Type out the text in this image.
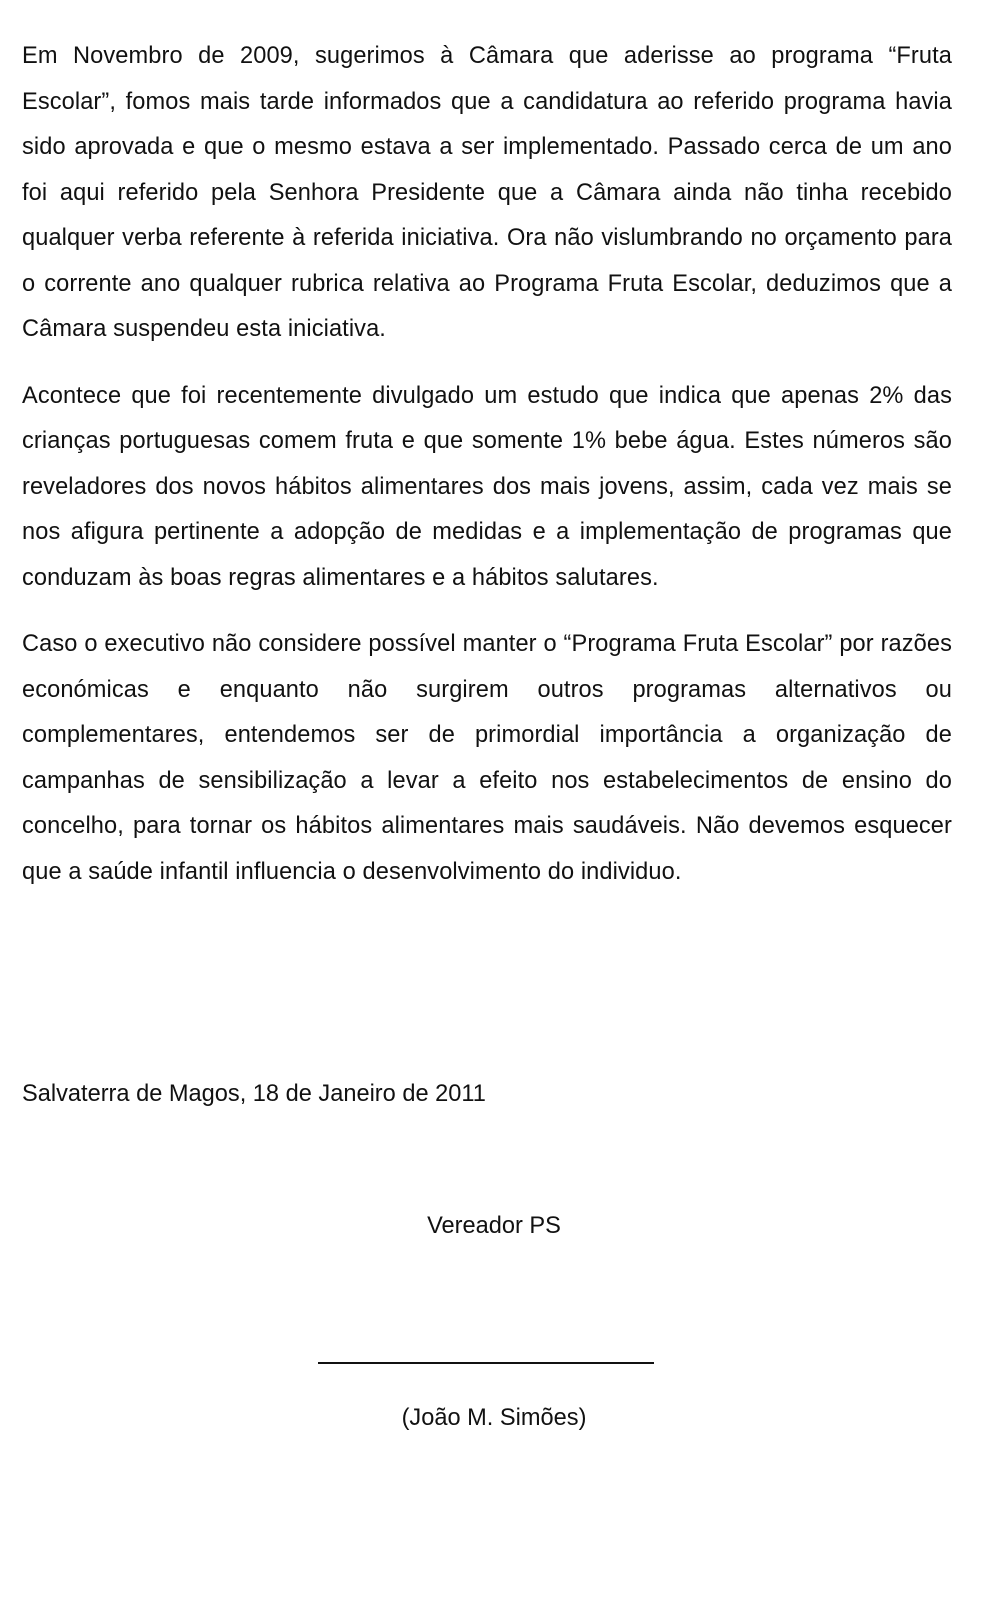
Em Novembro de 2009, sugerimos à Câmara que aderisse ao programa “Fruta Escolar”, fomos mais tarde informados que a candidatura ao referido programa havia sido aprovada e que o mesmo estava a ser implementado. Passado cerca de um ano foi aqui referido pela Senhora Presidente que a Câmara ainda não tinha recebido qualquer verba referente à referida iniciativa. Ora não vislumbrando no orçamento para o corrente ano qualquer rubrica relativa ao Programa Fruta Escolar, deduzimos que a Câmara suspendeu esta iniciativa.

Acontece que foi recentemente divulgado um estudo que indica que apenas 2% das crianças portuguesas comem fruta e que somente 1% bebe água. Estes números são reveladores dos novos hábitos alimentares dos mais jovens, assim, cada vez mais se nos afigura pertinente a adopção de medidas e a implementação de programas que conduzam às boas regras alimentares e a hábitos salutares.

Caso o executivo não considere possível manter o “Programa Fruta Escolar” por razões económicas e enquanto não surgirem outros programas alternativos ou complementares, entendemos ser de primordial importância a organização de campanhas de sensibilização a levar a efeito nos estabelecimentos de ensino do concelho, para tornar os hábitos alimentares mais saudáveis. Não devemos esquecer que a saúde infantil influencia o desenvolvimento do individuo.

Salvaterra de Magos, 18 de Janeiro de 2011

Vereador PS

(João M. Simões)
